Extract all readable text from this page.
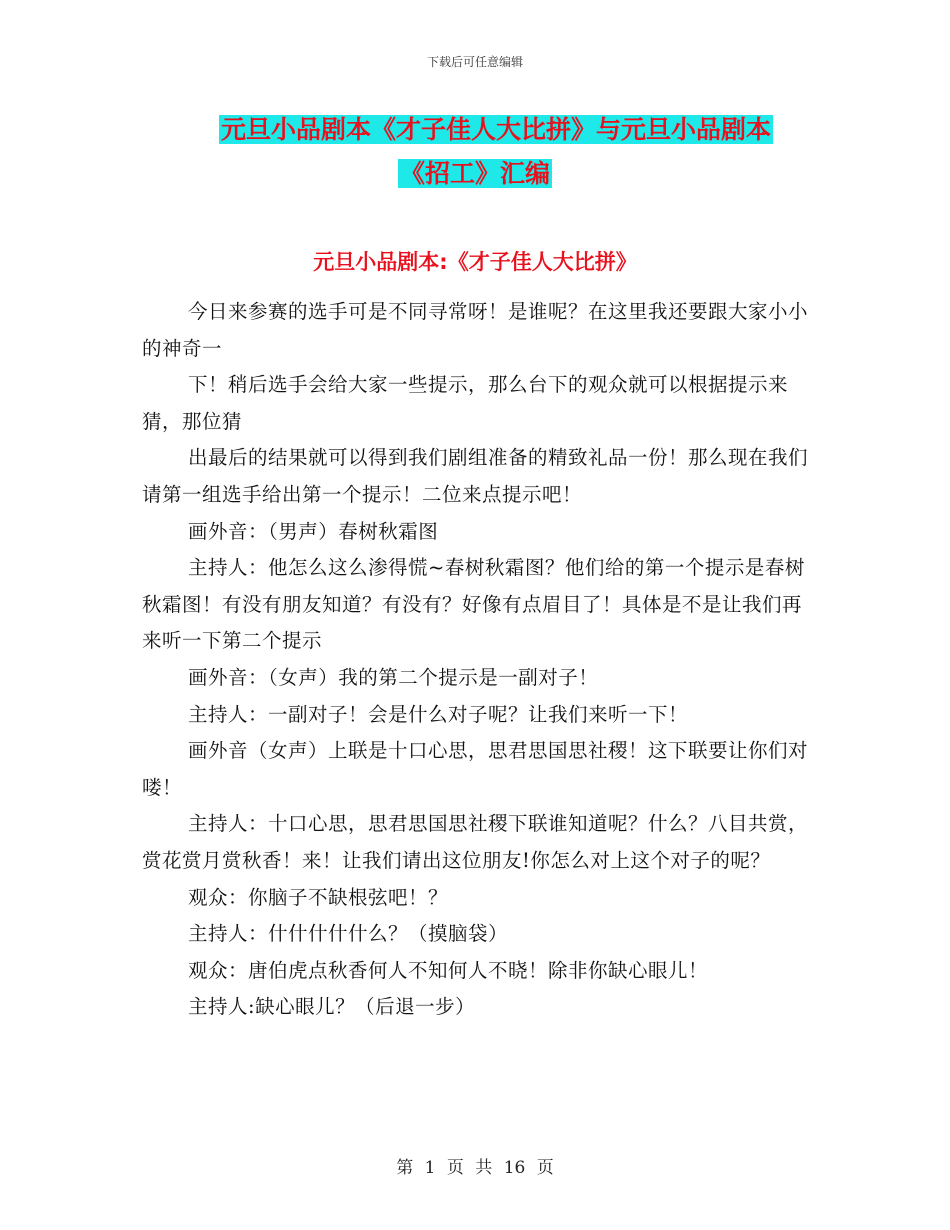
下载后可任意编辑

元旦小品剧本《才子佳人大比拼》与元旦小品剧本
《招工》汇编
元旦小品剧本:《才子佳人大比拼》

今日来参赛的选手可是不同寻常呀！是谁呢？在这里我还要跟大家小小的神奇一

下！稍后选手会给大家一些提示，那么台下的观众就可以根据提示来猜，那位猜

出最后的结果就可以得到我们剧组准备的精致礼品一份！那么现在我们请第一组选手给出第一个提示！二位来点提示吧！

画外音：（男声）春树秋霜图

主持人：他怎么这么渗得慌~春树秋霜图？他们给的第一个提示是春树秋霜图！有没有朋友知道？有没有？好像有点眉目了！具体是不是让我们再来听一下第二个提示

画外音：（女声）我的第二个提示是一副对子！

主持人：一副对子！会是什么对子呢？让我们来听一下！

画外音（女声）上联是十口心思，思君思国思社稷！这下联要让你们对喽！

主持人：十口心思，思君思国思社稷下联谁知道呢？什么？八目共赏，赏花赏月赏秋香！来！让我们请出这位朋友!你怎么对上这个对子的呢？

观众：你脑子不缺根弦吧！？

主持人：什什什什什么？（摸脑袋）

观众：唐伯虎点秋香何人不知何人不晓！除非你缺心眼儿！

主持人:缺心眼儿？（后退一步）

第 1 页 共 16 页
